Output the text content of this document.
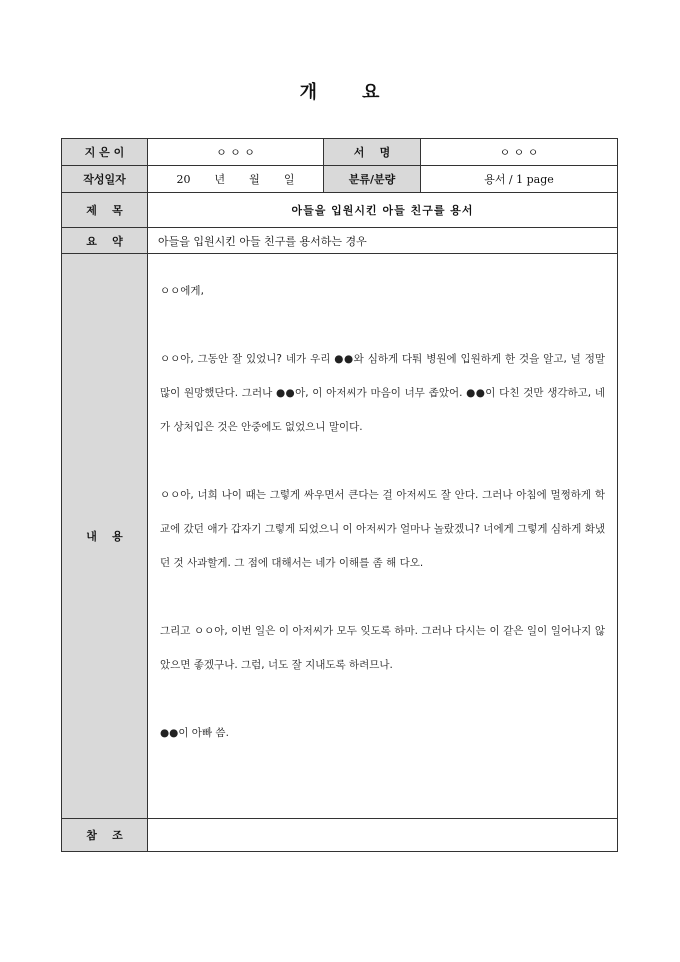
개 요
지 은 이	ㅇ ㅇ ㅇ	서    명	ㅇ ㅇ ㅇ
작성일자	20 년 월 일	분류/분량	용서 / 1 page
제    목	아들을 입원시킨 아들 친구를 용서		
요    약	아들을 입원시킨 아들 친구를 용서하는 경우		
내    용	ㅇㅇ에게,

ㅇㅇ아, 그동안 잘 있었니? 네가 우리 ●●와 심하게 다퉈 병원에 입원하게 한 것을 알고, 널 정말 많이 원망했단다. 그러나 ●●아, 이 아저씨가 마음이 너무 좁았어. ●●이 다친 것만 생각하고, 네가 상처입은 것은 안중에도 없었으니 말이다.

ㅇㅇ아, 너희 나이 때는 그렇게 싸우면서 큰다는 걸 아저씨도 잘 안다. 그러나 아침에 멀쩡하게 학교에 갔던 애가 갑자기 그렇게 되었으니 이 아저씨가 얼마나 놀랐겠니? 너에게 그렇게 심하게 화냈던 것 사과할게. 그 점에 대해서는 네가 이해를 좀 해 다오.

그리고 ㅇㅇ아, 이번 일은 이 아저씨가 모두 잊도록 하마. 그러나 다시는 이 같은 일이 일어나지 않았으면 좋겠구나. 그럼, 너도 잘 지내도록 하려므나.

●●이 아빠 씀.		

참    조			
